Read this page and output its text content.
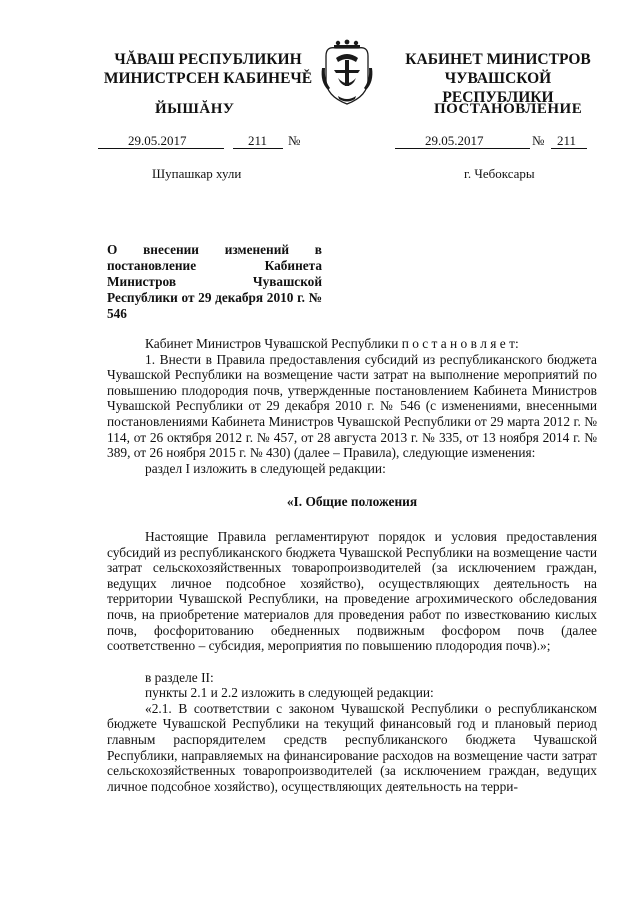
ЧĂВАШ РЕСПУБЛИКИН
МИНИСТРСЕН КАБИНЕЧĚ
ЙЫШĂНУ
КАБИНЕТ МИНИСТРОВ
ЧУВАШСКОЙ РЕСПУБЛИКИ
ПОСТАНОВЛЕНИЕ
29.05.2017	211 №	29.05.2017	№ 211
Шупашкар хули	г. Чебоксары
О внесении изменений в постановление Кабинета Министров Чувашской Республики от 29 декабря 2010 г. № 546

Кабинет Министров Чувашской Республики п о с т а н о в л я е т:

1. Внести в Правила предоставления субсидий из республиканского бюджета Чувашской Республики на возмещение части затрат на выполнение мероприятий по повышению плодородия почв, утвержденные постановлением Кабинета Министров Чувашской Республики от 29 декабря 2010 г. № 546 (с изменениями, внесенными постановлениями Кабинета Министров Чувашской Республики от 29 марта 2012 г. № 114, от 26 октября 2012 г. № 457, от 28 августа 2013 г. № 335, от 13 ноября 2014 г. № 389, от 26 ноября 2015 г. № 430) (далее – Правила), следующие изменения:

раздел I изложить в следующей редакции:

«I. Общие положения

Настоящие Правила регламентируют порядок и условия предоставления субсидий из республиканского бюджета Чувашской Республики на возмещение части затрат сельскохозяйственных товаропроизводителей (за исключением граждан, ведущих личное подсобное хозяйство), осуществляющих деятельность на территории Чувашской Республики, на проведение агрохимического обследования почв, на приобретение материалов для проведения работ по известкованию кислых почв, фосфоритованию обедненных подвижным фосфором почв (далее соответственно – субсидия, мероприятия по повышению плодородия почв).»;

в разделе II:

пункты 2.1 и 2.2 изложить в следующей редакции:

«2.1. В соответствии с законом Чувашской Республики о республиканском бюджете Чувашской Республики на текущий финансовый год и плановый период главным распорядителем средств республиканского бюджета Чувашской Республики, направляемых на финансирование расходов на возмещение части затрат сельскохозяйственных товаропроизводителей (за исключением граждан, ведущих личное подсобное хозяйство), осуществляющих деятельность на терри-
